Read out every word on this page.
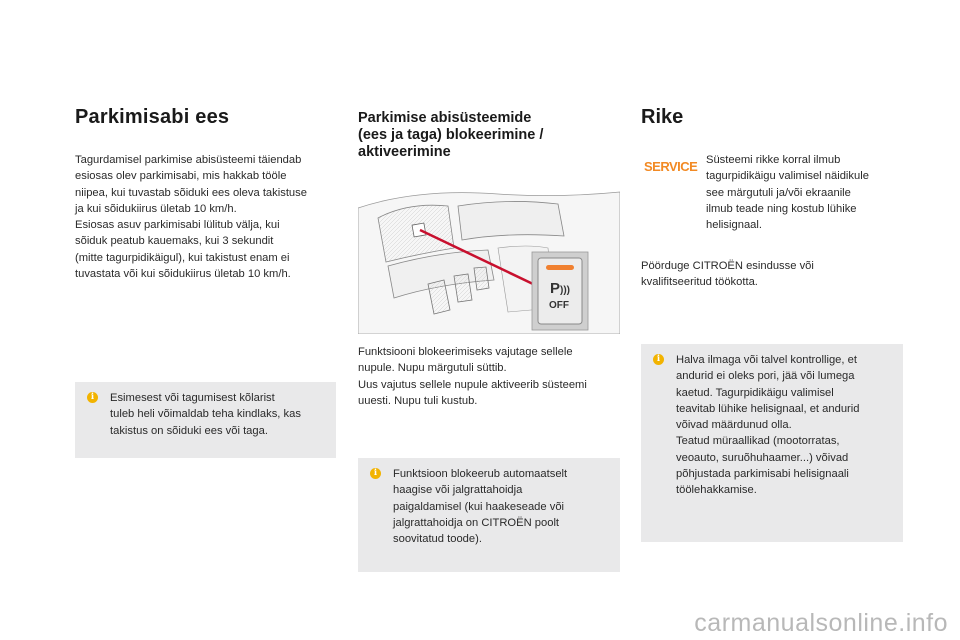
Parkimisabi ees
Tagurdamisel parkimise abisüsteemi täiendab
esiosas olev parkimisabi, mis hakkab tööle
niipea, kui tuvastab sõiduki ees oleva takistuse
ja kui sõidukiirus ületab 10 km/h.
Esiosas asuv parkimisabi lülitub välja, kui
sõiduk peatub kauemaks, kui 3 sekundit
(mitte tagurpidikäigul), kui takistust enam ei
tuvastata või kui sõidukiirus ületab 10 km/h.
i	Esimesest või tagumisest kõlarist
tuleb heli võimaldab teha kindlaks, kas
takistus on sõiduki ees või taga.
Parkimise abisüsteemide
(ees ja taga) blokeerimine / aktiveerimine
P)))
OFF
Funktsiooni blokeerimiseks vajutage sellele
nupule. Nupu märgutuli süttib.
Uus vajutus sellele nupule aktiveerib süsteemi
uuesti. Nupu tuli kustub.
i	Funktsioon blokeerub automaatselt
haagise või jalgrattahoidja
paigaldamisel (kui haakeseade või
jalgrattahoidja on CITROËN poolt
soovitatud toode).
Rike
SERVICE Süsteemi rikke korral ilmub
tagurpidikäigu valimisel näidikule
see märgutuli ja/või ekraanile
ilmub teade ning kostub lühike
helisignaal.
Pöörduge CITROËN esindusse või
kvalifitseeritud töökotta.
i	Halva ilmaga või talvel kontrollige, et
andurid ei oleks pori, jää või lumega
kaetud. Tagurpidikäigu valimisel
teavitab lühike helisignaal, et andurid
võivad määrdunud olla.
Teatud müraallikad (mootorratas,
veoauto, suruõhuhaamer...) võivad
põhjustada parkimisabi helisignaali
töölehakkamise.
carmanualsonline.info
